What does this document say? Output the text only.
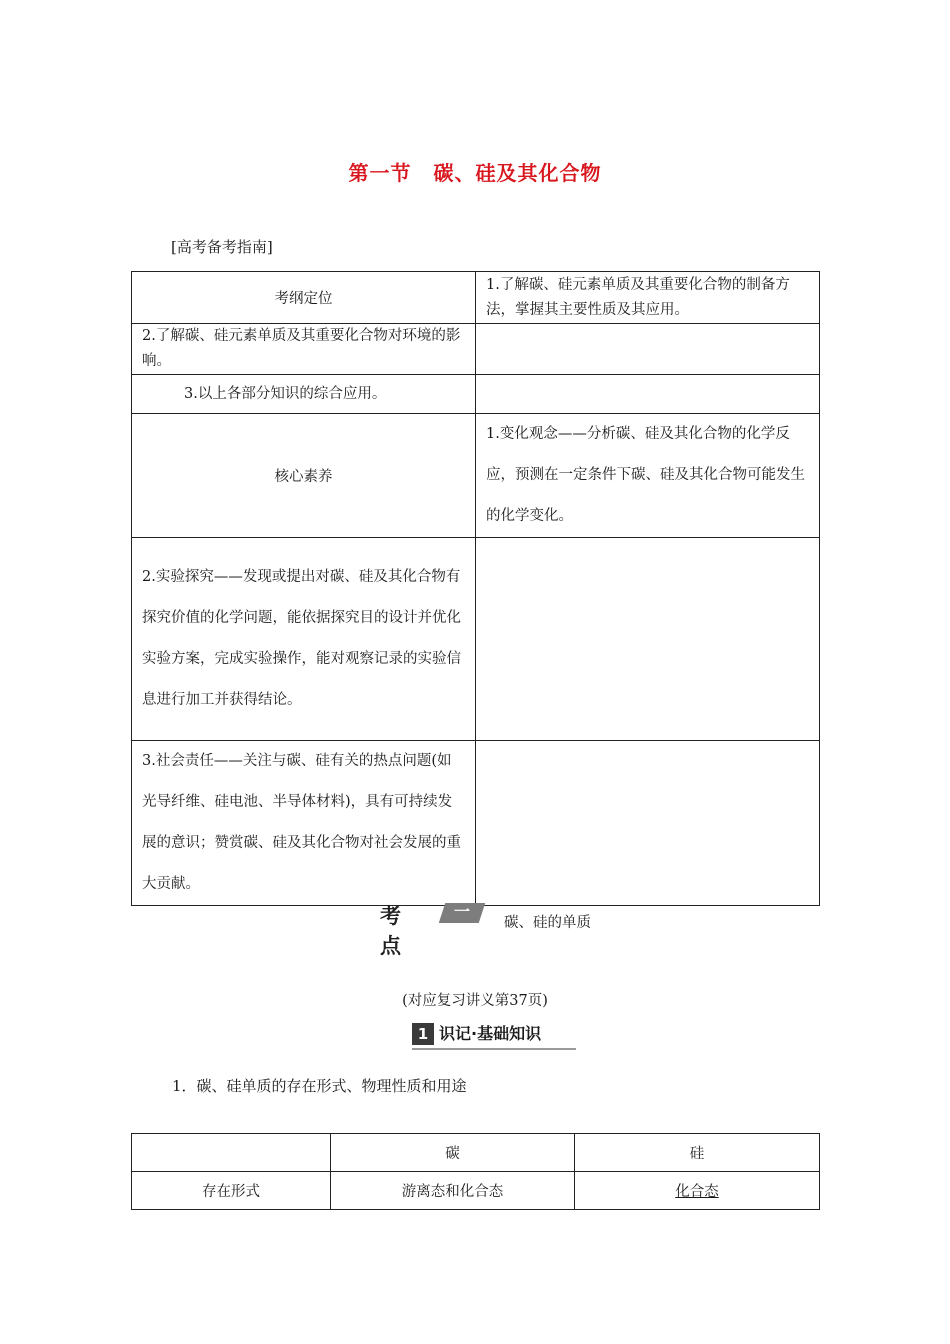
第一节 碳、硅及其化合物
[高考备考指南]
考纲定位	1.了解碳、硅元素单质及其重要化合物的制备方法，掌握其主要性质及其应用。
2.了解碳、硅元素单质及其重要化合物对环境的影响。	
3.以上各部分知识的综合应用。	
核心素养	1.变化观念——分析碳、硅及其化合物的化学反应，预测在一定条件下碳、硅及其化合物可能发生的化学变化。
2.实验探究——发现或提出对碳、硅及其化合物有探究价值的化学问题，能依据探究目的设计并优化实验方案，完成实验操作，能对观察记录的实验信息进行加工并获得结论。	
3.社会责任——关注与碳、硅有关的热点问题(如光导纤维、硅电池、半导体材料)，具有可持续发展的意识；赞赏碳、硅及其化合物对社会发展的重大贡献。	
考点
一
碳、硅的单质
(对应复习讲义第37页)
1 识记·基础知识
1．碳、硅单质的存在形式、物理性质和用途
	碳	硅
存在形式	游离态和化合态	化合态
